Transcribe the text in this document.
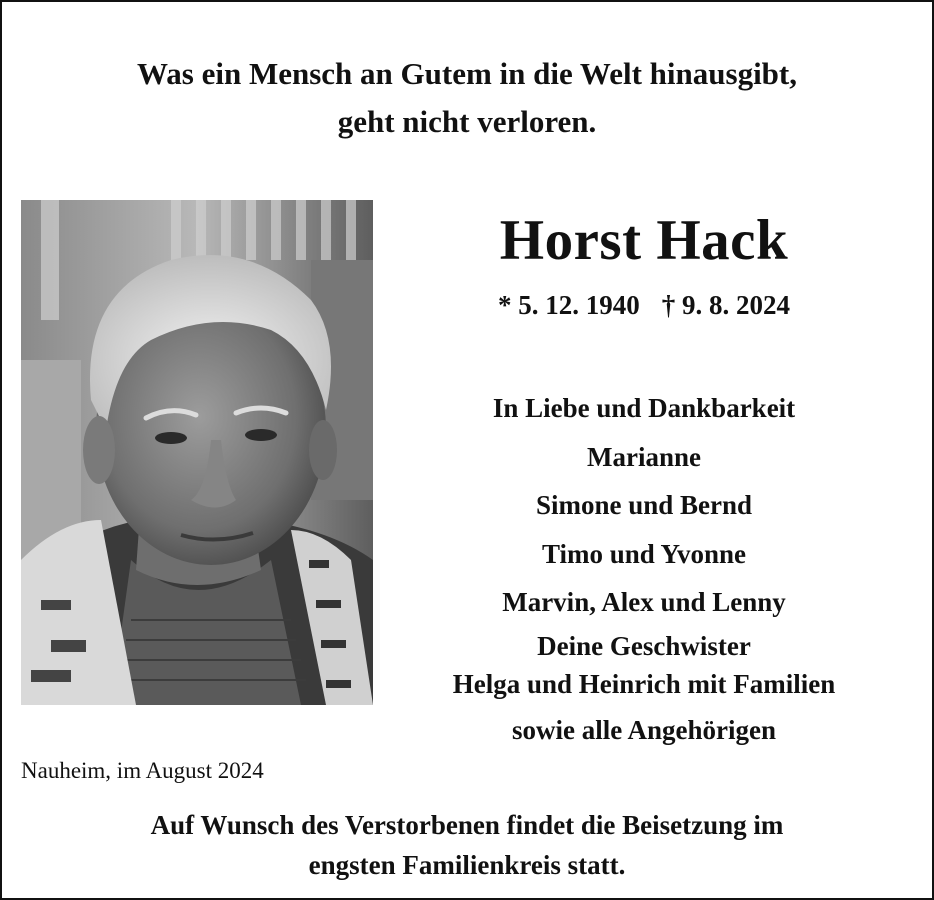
Was ein Mensch an Gutem in die Welt hinausgibt,
geht nicht verloren.
Horst Hack
* 5. 12. 1940 † 9. 8. 2024
In Liebe und Dankbarkeit
Marianne
Simone und Bernd
Timo und Yvonne
Marvin, Alex und Lenny
Deine Geschwister
Helga und Heinrich mit Familien
sowie alle Angehörigen
Nauheim, im August 2024
Auf Wunsch des Verstorbenen findet die Beisetzung im
engsten Familienkreis statt.
